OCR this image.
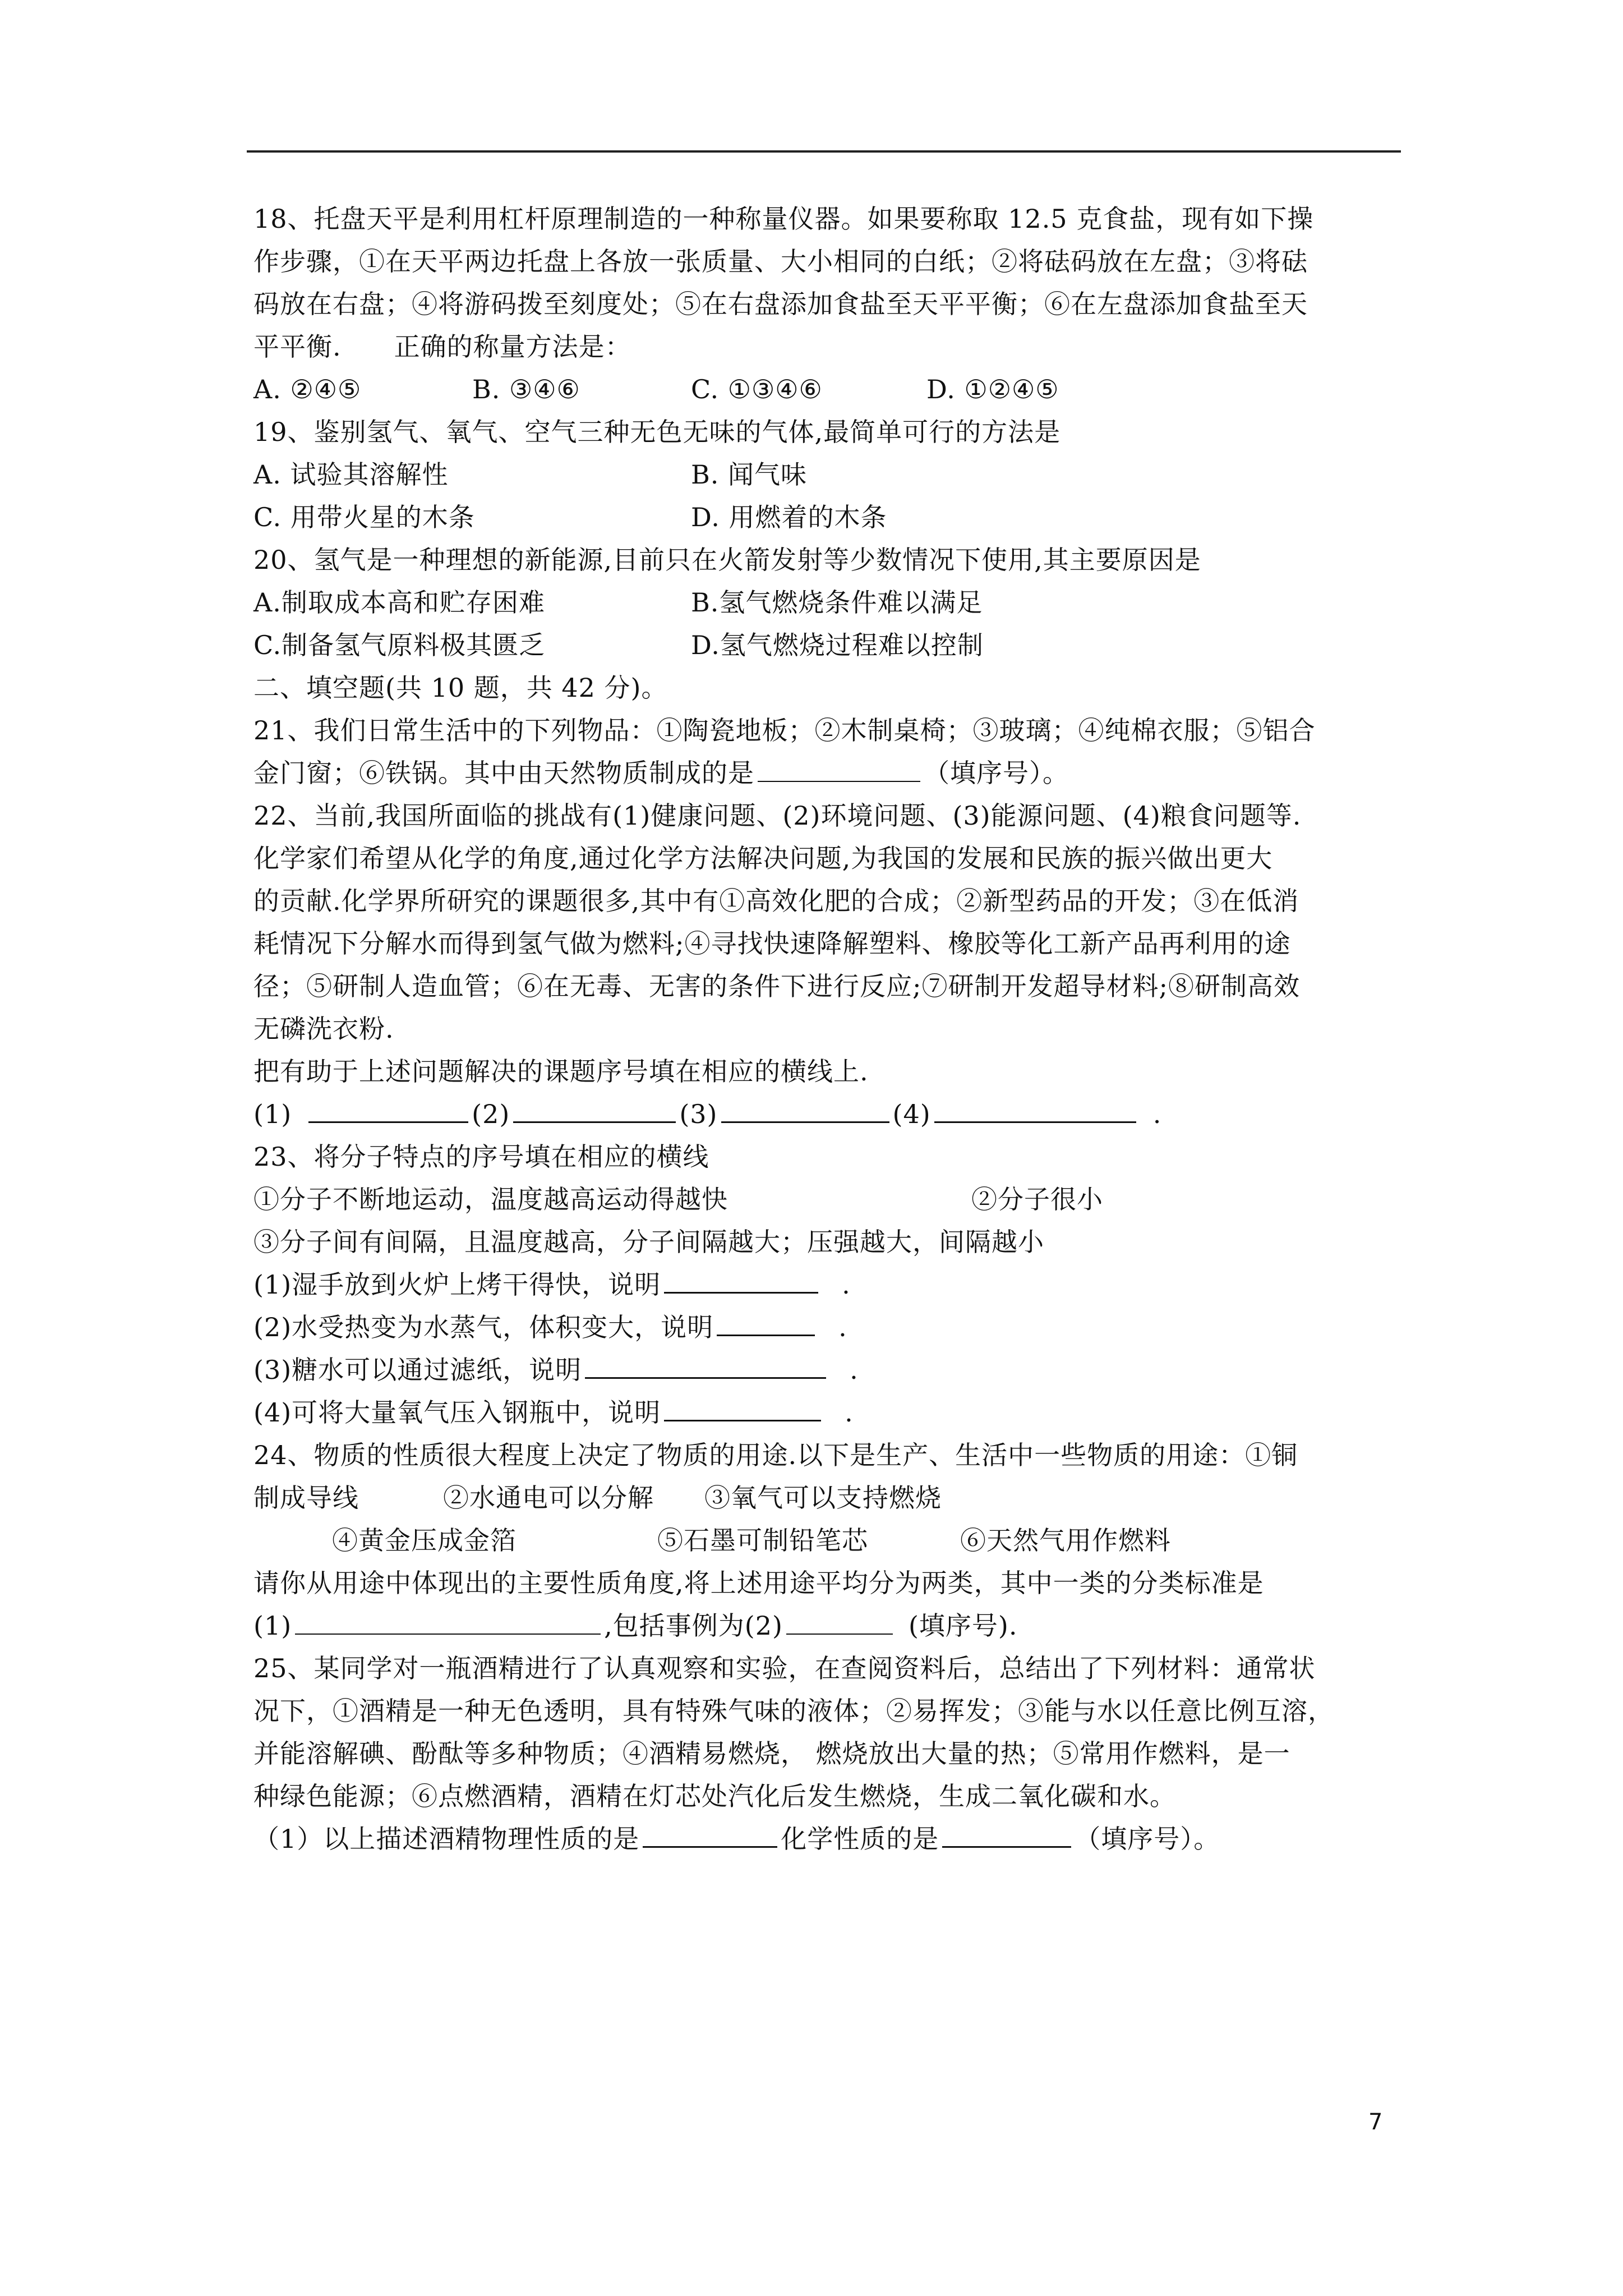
18、托盘天平是利用杠杆原理制造的一种称量仪器。如果要称取 12.5 克食盐，现有如下操
作步骤，①在天平两边托盘上各放一张质量、大小相同的白纸；②将砝码放在左盘；③将砝
码放在右盘；④将游码拨至刻度处；⑤在右盘添加食盐至天平平衡；⑥在左盘添加食盐至天
平平衡.　　正确的称量方法是：
A. ②④⑤	B. ③④⑥	C. ①③④⑥	D. ①②④⑤
19、鉴别氢气、氧气、空气三种无色无味的气体,最简单可行的方法是
A. 试验其溶解性	B. 闻气味
C. 用带火星的木条	D. 用燃着的木条
20、氢气是一种理想的新能源,目前只在火箭发射等少数情况下使用,其主要原因是
A.制取成本高和贮存困难	B.氢气燃烧条件难以满足
C.制备氢气原料极其匮乏	D.氢气燃烧过程难以控制
二、填空题(共 10 题，共 42 分)。
21、我们日常生活中的下列物品：①陶瓷地板；②木制桌椅；③玻璃；④纯棉衣服；⑤铝合
金门窗；⑥铁锅。其中由天然物质制成的是	（填序号）。
22、当前,我国所面临的挑战有(1)健康问题、(2)环境问题、(3)能源问题、(4)粮食问题等.
化学家们希望从化学的角度,通过化学方法解决问题,为我国的发展和民族的振兴做出更大
的贡献.化学界所研究的课题很多,其中有①高效化肥的合成；②新型药品的开发；③在低消
耗情况下分解水而得到氢气做为燃料;④寻找快速降解塑料、橡胶等化工新产品再利用的途
径；⑤研制人造血管；⑥在无毒、无害的条件下进行反应;⑦研制开发超导材料;⑧研制高效
无磷洗衣粉.
把有助于上述问题解决的课题序号填在相应的横线上.
(1)	(2)	(3)	(4)	.
23、将分子特点的序号填在相应的横线
①分子不断地运动，温度越高运动得越快	②分子很小
③分子间有间隔，且温度越高，分子间隔越大；压强越大，间隔越小
(1)湿手放到火炉上烤干得快，说明	.
(2)水受热变为水蒸气，体积变大，说明	.
(3)糖水可以通过滤纸，说明	.
(4)可将大量氧气压入钢瓶中，说明	.
24、物质的性质很大程度上决定了物质的用途.以下是生产、生活中一些物质的用途：①铜
制成导线	②水通电可以分解 ③氧气可以支持燃烧
④黄金压成金箔	⑤石墨可制铅笔芯	⑥天然气用作燃料
请你从用途中体现出的主要性质角度,将上述用途平均分为两类，其中一类的分类标准是
(1)	,包括事例为(2)	(填序号).
25、某同学对一瓶酒精进行了认真观察和实验，在查阅资料后，总结出了下列材料：通常状
况下，①酒精是一种无色透明，具有特殊气味的液体；②易挥发；③能与水以任意比例互溶，
并能溶解碘、酚酞等多种物质；④酒精易燃烧， 燃烧放出大量的热；⑤常用作燃料，是一
种绿色能源；⑥点燃酒精，酒精在灯芯处汽化后发生燃烧，生成二氧化碳和水。
（1）以上描述酒精物理性质的是	化学性质的是	（填序号）。
7
